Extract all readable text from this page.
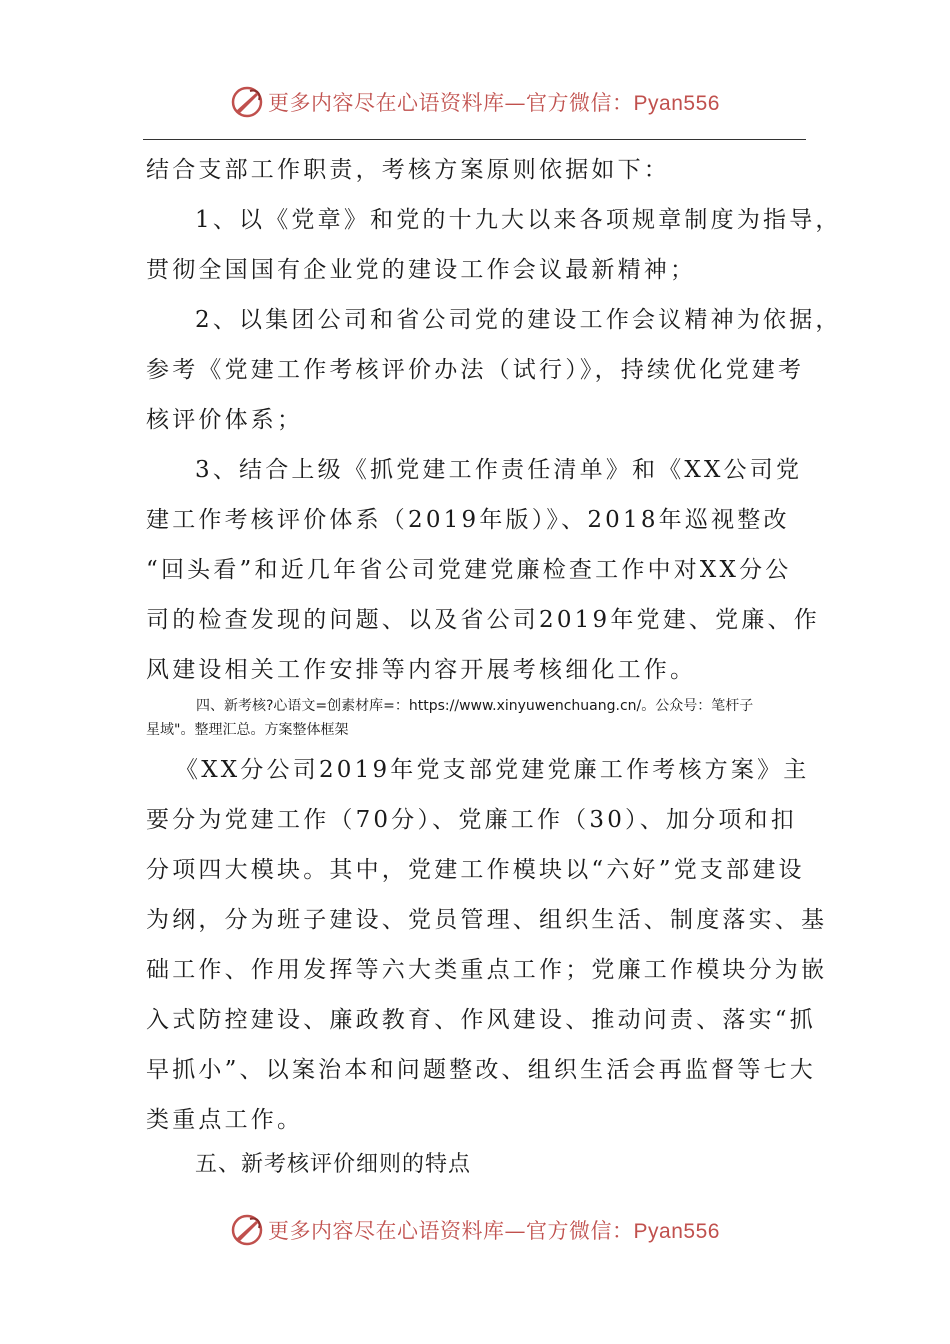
更多内容尽在心语资料库—官方微信：Pyan556
结合支部工作职责，考核方案原则依据如下：
1、以《党章》和党的十九大以来各项规章制度为指导，
贯彻全国国有企业党的建设工作会议最新精神；
2、以集团公司和省公司党的建设工作会议精神为依据，
参考《党建工作考核评价办法（试行）》，持续优化党建考
核评价体系；
3、结合上级《抓党建工作责任清单》和《XX公司党
建工作考核评价体系（2019年版）》、2018年巡视整改
“回头看”和近几年省公司党建党廉检查工作中对XX分公
司的检查发现的问题、以及省公司2019年党建、党廉、作
风建设相关工作安排等内容开展考核细化工作。
四、新考核?心语文=创素材库=：https://www.xinyuwenchuang.cn/。公众号：笔杆子
星域"。整理汇总。方案整体框架
《XX分公司2019年党支部党建党廉工作考核方案》主
要分为党建工作（70分）、党廉工作（30）、加分项和扣
分项四大模块。其中，党建工作模块以“六好”党支部建设
为纲，分为班子建设、党员管理、组织生活、制度落实、基
础工作、作用发挥等六大类重点工作；党廉工作模块分为嵌
入式防控建设、廉政教育、作风建设、推动问责、落实“抓
早抓小”、以案治本和问题整改、组织生活会再监督等七大
类重点工作。
五、新考核评价细则的特点
更多内容尽在心语资料库—官方微信：Pyan556
